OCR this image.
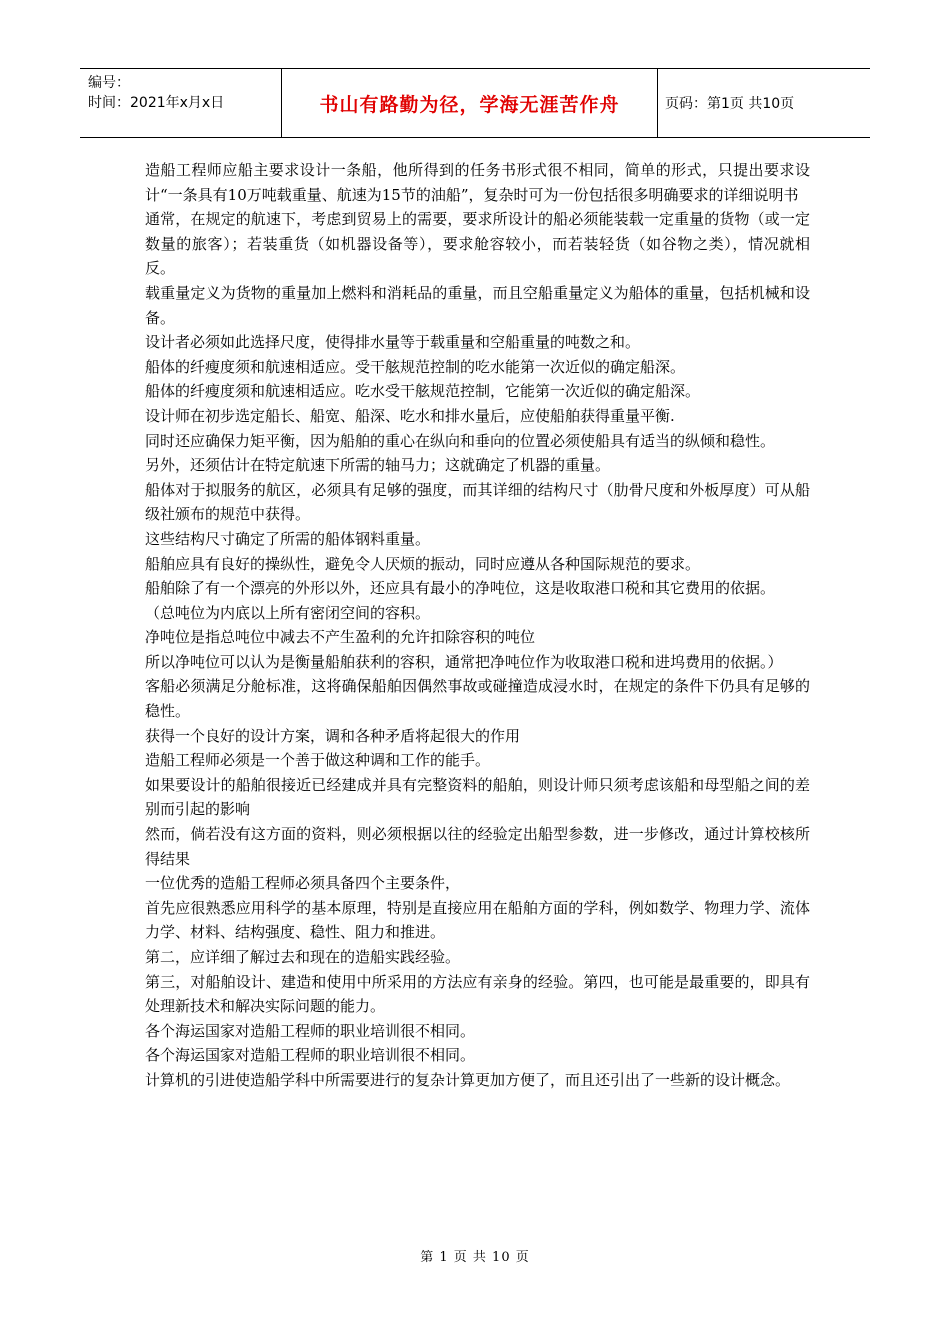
编号：
时间：2021年x月x日	书山有路勤为径，学海无涯苦作舟	页码：第1页 共10页

造船工程师应船主要求设计一条船，他所得到的任务书形式很不相同，简单的形式，只提出要求设计“一条具有10万吨载重量、航速为15节的油船”，复杂时可为一份包括很多明确要求的详细说明书

通常，在规定的航速下，考虑到贸易上的需要，要求所设计的船必须能装载一定重量的货物（或一定数量的旅客）；若装重货（如机器设备等），要求舱容较小，而若装轻货（如谷物之类），情况就相反。

载重量定义为货物的重量加上燃料和消耗品的重量，而且空船重量定义为船体的重量，包括机械和设备。

设计者必须如此选择尺度，使得排水量等于载重量和空船重量的吨数之和。

船体的纤瘦度须和航速相适应。受干舷规范控制的吃水能第一次近似的确定船深。

船体的纤瘦度须和航速相适应。吃水受干舷规范控制，它能第一次近似的确定船深。

设计师在初步选定船长、船宽、船深、吃水和排水量后，应使船舶获得重量平衡.

同时还应确保力矩平衡，因为船舶的重心在纵向和垂向的位置必须使船具有适当的纵倾和稳性。

另外，还须估计在特定航速下所需的轴马力；这就确定了机器的重量。

船体对于拟服务的航区，必须具有足够的强度，而其详细的结构尺寸（肋骨尺度和外板厚度）可从船级社颁布的规范中获得。

这些结构尺寸确定了所需的船体钢料重量。

船舶应具有良好的操纵性，避免令人厌烦的振动，同时应遵从各种国际规范的要求。

船舶除了有一个漂亮的外形以外，还应具有最小的净吨位，这是收取港口税和其它费用的依据。

（总吨位为内底以上所有密闭空间的容积。

净吨位是指总吨位中减去不产生盈利的允许扣除容积的吨位

所以净吨位可以认为是衡量船舶获利的容积，通常把净吨位作为收取港口税和进坞费用的依据。）

客船必须满足分舱标准，这将确保船舶因偶然事故或碰撞造成浸水时，在规定的条件下仍具有足够的稳性。

获得一个良好的设计方案，调和各种矛盾将起很大的作用

造船工程师必须是一个善于做这种调和工作的能手。

如果要设计的船舶很接近已经建成并具有完整资料的船舶，则设计师只须考虑该船和母型船之间的差别而引起的影响

然而，倘若没有这方面的资料，则必须根据以往的经验定出船型参数，进一步修改，通过计算校核所得结果

一位优秀的造船工程师必须具备四个主要条件，

首先应很熟悉应用科学的基本原理，特别是直接应用在船舶方面的学科，例如数学、物理力学、流体力学、材料、结构强度、稳性、阻力和推进。

第二，应详细了解过去和现在的造船实践经验。

第三，对船舶设计、建造和使用中所采用的方法应有亲身的经验。第四，也可能是最重要的，即具有处理新技术和解决实际问题的能力。

各个海运国家对造船工程师的职业培训很不相同。

各个海运国家对造船工程师的职业培训很不相同。

计算机的引进使造船学科中所需要进行的复杂计算更加方便了，而且还引出了一些新的设计概念。

第 1 页 共 10 页
